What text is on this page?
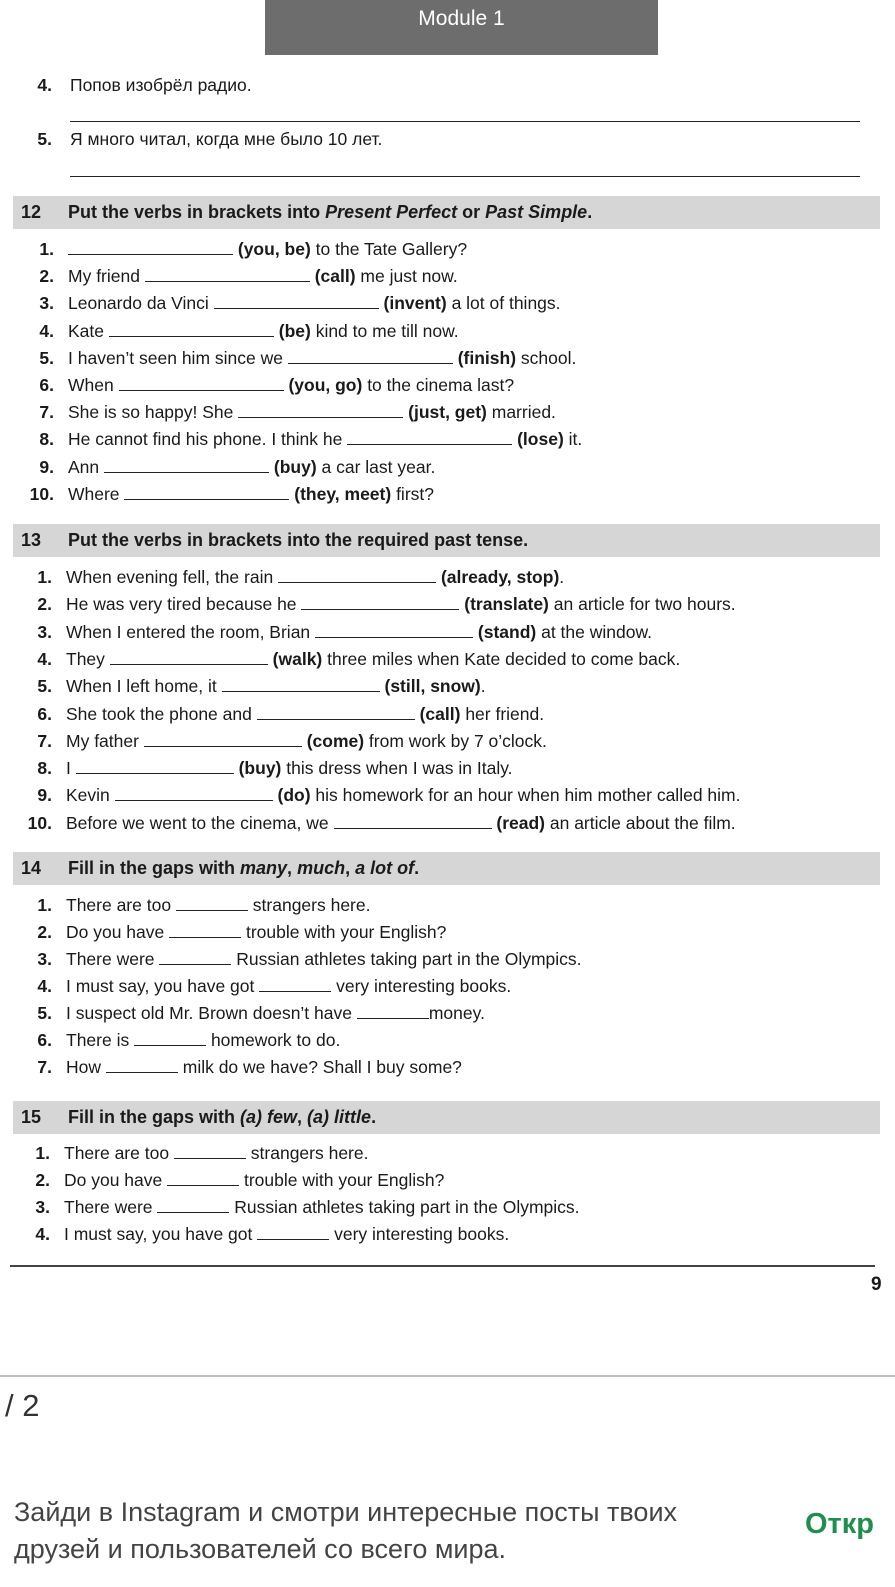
Module 1
4. Попов изобрёл радио.
5. Я много читал, когда мне было 10 лет.
12 Put the verbs in brackets into Present Perfect or Past Simple.
1.	(you, be) to the Tate Gallery?
2. My friend	(call) me just now.
3. Leonardo da Vinci	(invent) a lot of things.
4. Kate	(be) kind to me till now.
5. I haven’t seen him since we	(finish) school.
6. When	(you, go) to the cinema last?
7. She is so happy! She	(just, get) married.
8. He cannot find his phone. I think he	(lose) it.
9. Ann	(buy) a car last year.
10. Where	(they, meet) first?
13 Put the verbs in brackets into the required past tense.
1. When evening fell, the rain	(already, stop).
2. He was very tired because he	(translate) an article for two hours.
3. When I entered the room, Brian	(stand) at the window.
4. They	(walk) three miles when Kate decided to come back.
5. When I left home, it	(still, snow).
6. She took the phone and	(call) her friend.
7. My father	(come) from work by 7 o’clock.
8. I	(buy) this dress when I was in Italy.
9. Kevin	(do) his homework for an hour when him mother called him.
10. Before we went to the cinema, we	(read) an article about the film.
14 Fill in the gaps with many, much, a lot of.
1. There are too	strangers here.
2. Do you have	trouble with your English?
3. There were	Russian athletes taking part in the Olympics.
4. I must say, you have got	very interesting books.
5. I suspect old Mr. Brown doesn’t have	money.
6. There is	homework to do.
7. How	milk do we have? Shall I buy some?
15 Fill in the gaps with (a) few, (a) little.
1. There are too	strangers here.
2. Do you have	trouble with your English?
3. There were	Russian athletes taking part in the Olympics.
4. I must say, you have got	very interesting books.
9
/ 2
Зайди в Instagram и смотри интересные посты твоих друзей и пользователей со всего мира.
Откр
